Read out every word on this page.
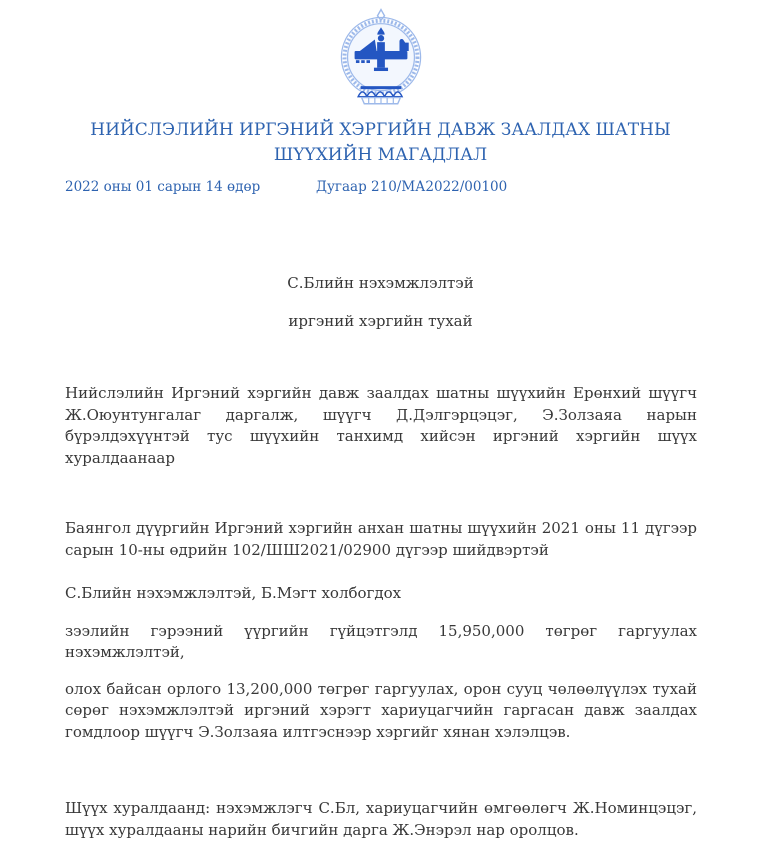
НИЙСЛЭЛИЙН ИРГЭНИЙ ХЭРГИЙН ДАВЖ ЗААЛДАХ ШАТНЫ ШҮҮХИЙН МАГАДЛАЛ
2022 оны 01 сарын 14 өдөр	Дугаар 210/МА2022/00100

С.Блийн нэхэмжлэлтэй

иргэний хэргийн тухай

Нийслэлийн Иргэний хэргийн давж заалдах шатны шүүхийн Ерөнхий шүүгч Ж.Оюунтунгалаг даргалж, шүүгч Д.Дэлгэрцэцэг, Э.Золзаяа нарын бүрэлдэхүүнтэй тус шүүхийн танхимд хийсэн иргэний хэргийн шүүх хуралдаанаар

Баянгол дүүргийн Иргэний хэргийн анхан шатны шүүхийн 2021 оны 11 дүгээр сарын 10-ны өдрийн 102/ШШ2021/02900 дүгээр шийдвэртэй

С.Блийн нэхэмжлэлтэй, Б.Мэгт холбогдох

зээлийн гэрээний үүргийн гүйцэтгэлд 15,950,000 төгрөг гаргуулах нэхэмжлэлтэй,

олох байсан орлого 13,200,000 төгрөг гаргуулах, орон сууц чөлөөлүүлэх тухай сөрөг нэхэмжлэлтэй иргэний хэрэгт хариуцагчийн гаргасан давж заалдах гомдлоор шүүгч Э.Золзаяа илтгэснээр хэргийг хянан хэлэлцэв.

Шүүх хуралдаанд: нэхэмжлэгч С.Бл, хариуцагчийн өмгөөлөгч Ж.Номинцэцэг, шүүх хуралдааны нарийн бичгийн дарга Ж.Энэрэл нар оролцов.
